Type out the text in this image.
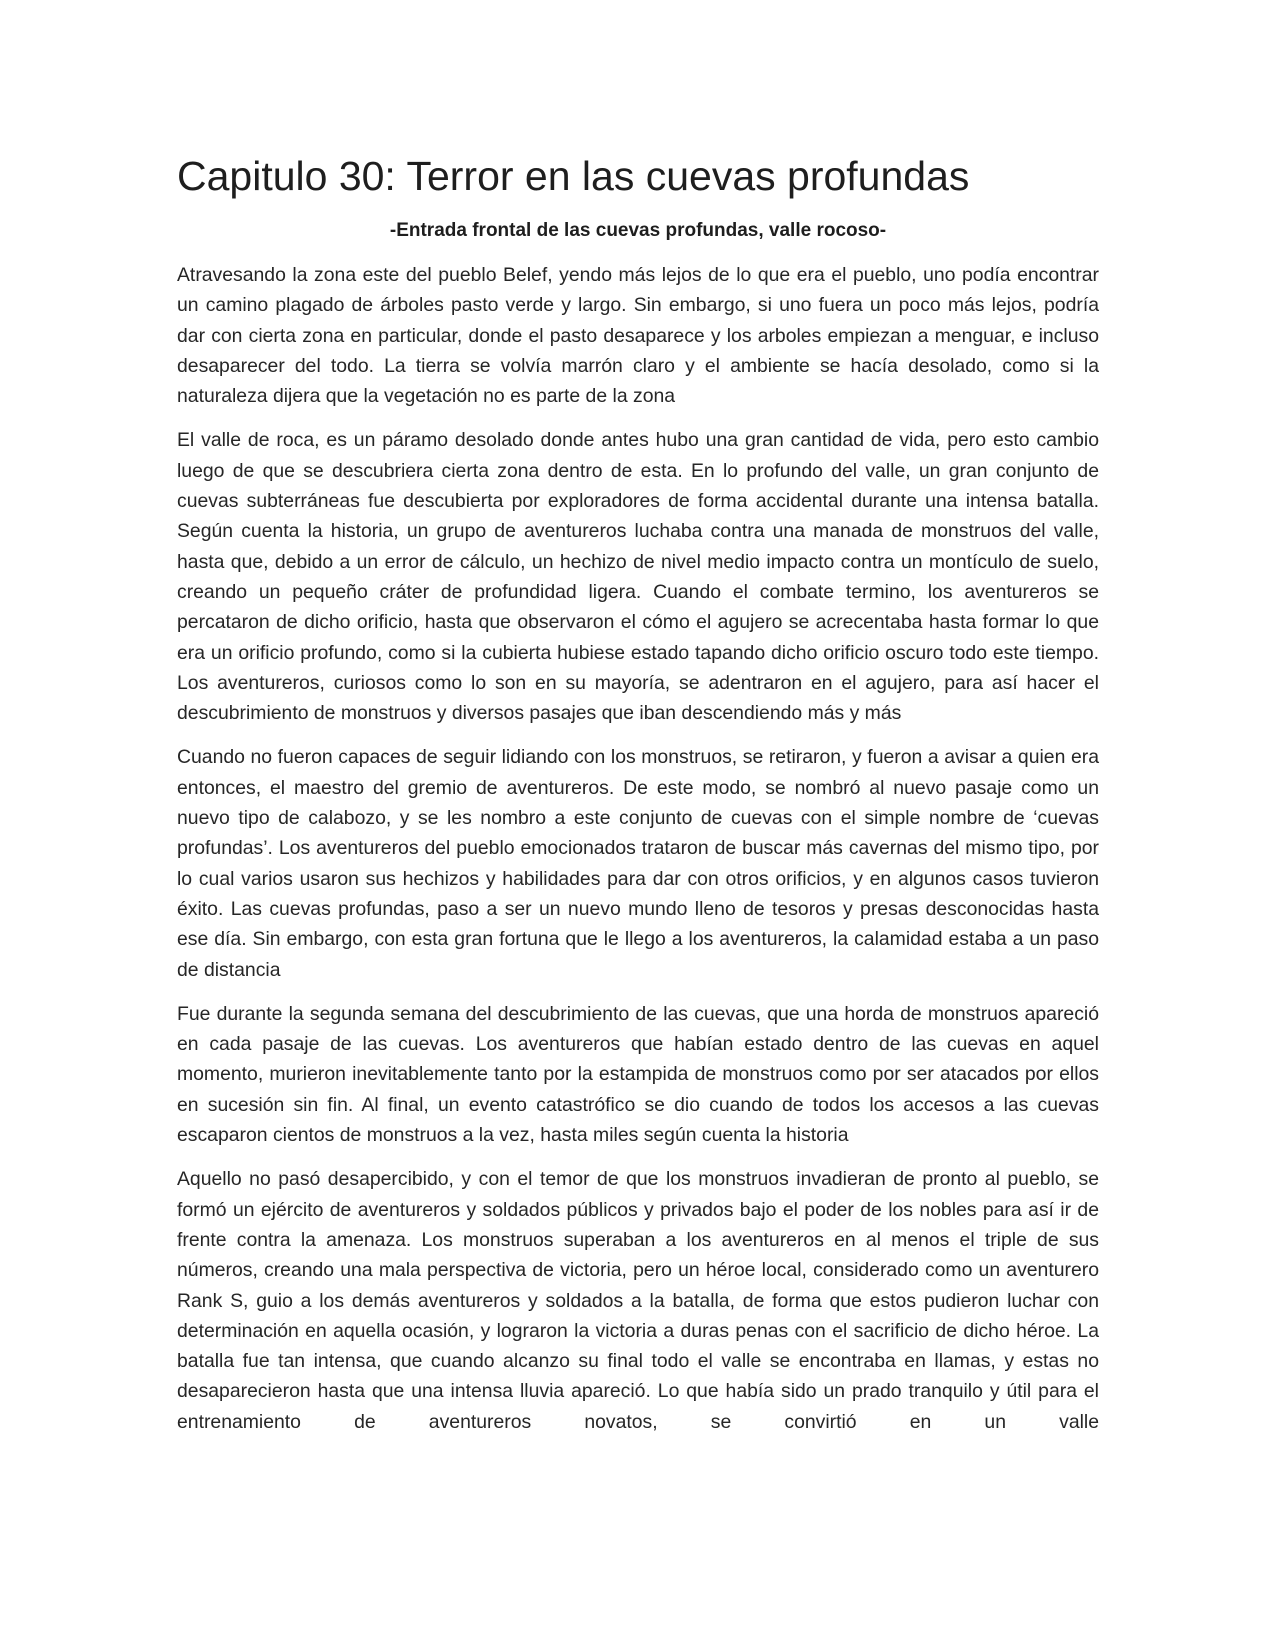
Capitulo 30: Terror en las cuevas profundas
-Entrada frontal de las cuevas profundas, valle rocoso-

Atravesando la zona este del pueblo Belef, yendo más lejos de lo que era el pueblo, uno podía encontrar un camino plagado de árboles pasto verde y largo. Sin embargo, si uno fuera un poco más lejos, podría dar con cierta zona en particular, donde el pasto desaparece y los arboles empiezan a menguar, e incluso desaparecer del todo. La tierra se volvía marrón claro y el ambiente se hacía desolado, como si la naturaleza dijera que la vegetación no es parte de la zona

El valle de roca, es un páramo desolado donde antes hubo una gran cantidad de vida, pero esto cambio luego de que se descubriera cierta zona dentro de esta. En lo profundo del valle, un gran conjunto de cuevas subterráneas fue descubierta por exploradores de forma accidental durante una intensa batalla. Según cuenta la historia, un grupo de aventureros luchaba contra una manada de monstruos del valle, hasta que, debido a un error de cálculo, un hechizo de nivel medio impacto contra un montículo de suelo, creando un pequeño cráter de profundidad ligera. Cuando el combate termino, los aventureros se percataron de dicho orificio, hasta que observaron el cómo el agujero se acrecentaba hasta formar lo que era un orificio profundo, como si la cubierta hubiese estado tapando dicho orificio oscuro todo este tiempo. Los aventureros, curiosos como lo son en su mayoría, se adentraron en el agujero, para así hacer el descubrimiento de monstruos y diversos pasajes que iban descendiendo más y más

Cuando no fueron capaces de seguir lidiando con los monstruos, se retiraron, y fueron a avisar a quien era entonces, el maestro del gremio de aventureros. De este modo, se nombró al nuevo pasaje como un nuevo tipo de calabozo, y se les nombro a este conjunto de cuevas con el simple nombre de ‘cuevas profundas’. Los aventureros del pueblo emocionados trataron de buscar más cavernas del mismo tipo, por lo cual varios usaron sus hechizos y habilidades para dar con otros orificios, y en algunos casos tuvieron éxito. Las cuevas profundas, paso a ser un nuevo mundo lleno de tesoros y presas desconocidas hasta ese día. Sin embargo, con esta gran fortuna que le llego a los aventureros, la calamidad estaba a un paso de distancia

Fue durante la segunda semana del descubrimiento de las cuevas, que una horda de monstruos apareció en cada pasaje de las cuevas. Los aventureros que habían estado dentro de las cuevas en aquel momento, murieron inevitablemente tanto por la estampida de monstruos como por ser atacados por ellos en sucesión sin fin. Al final, un evento catastrófico se dio cuando de todos los accesos a las cuevas escaparon cientos de monstruos a la vez, hasta miles según cuenta la historia

Aquello no pasó desapercibido, y con el temor de que los monstruos invadieran de pronto al pueblo, se formó un ejército de aventureros y soldados públicos y privados bajo el poder de los nobles para así ir de frente contra la amenaza. Los monstruos superaban a los aventureros en al menos el triple de sus números, creando una mala perspectiva de victoria, pero un héroe local, considerado como un aventurero Rank S, guio a los demás aventureros y soldados a la batalla, de forma que estos pudieron luchar con determinación en aquella ocasión, y lograron la victoria a duras penas con el sacrificio de dicho héroe. La batalla fue tan intensa, que cuando alcanzo su final todo el valle se encontraba en llamas, y estas no desaparecieron hasta que una intensa lluvia apareció. Lo que había sido un prado tranquilo y útil para el entrenamiento de aventureros novatos, se convirtió en un valle
